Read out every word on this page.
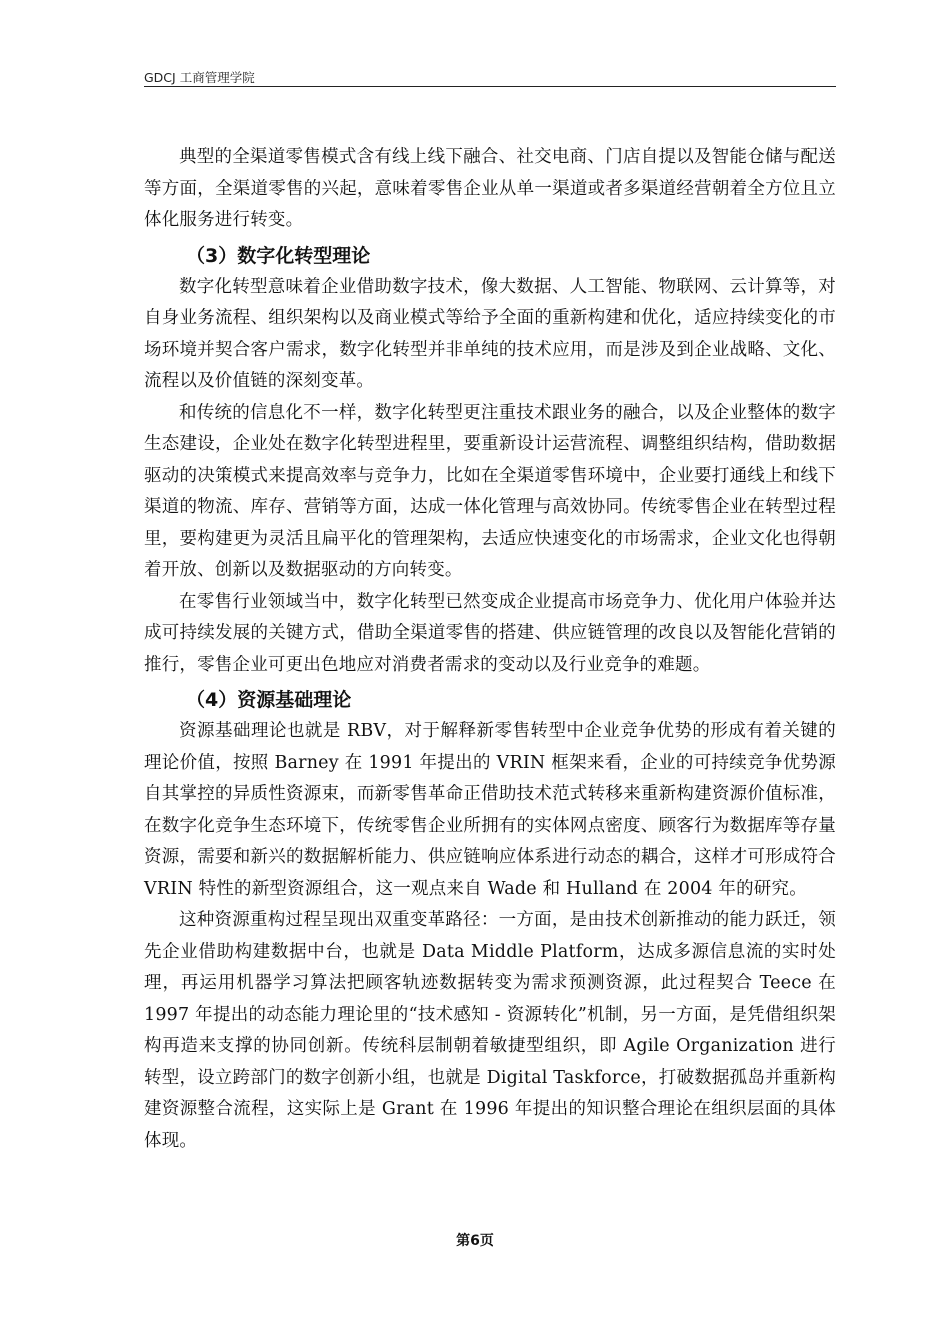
GDCJ 工商管理学院

典型的全渠道零售模式含有线上线下融合、社交电商、门店自提以及智能仓储与配送等方面，全渠道零售的兴起，意味着零售企业从单一渠道或者多渠道经营朝着全方位且立体化服务进行转变。

（3）数字化转型理论

数字化转型意味着企业借助数字技术，像大数据、人工智能、物联网、云计算等，对自身业务流程、组织架构以及商业模式等给予全面的重新构建和优化，适应持续变化的市场环境并契合客户需求，数字化转型并非单纯的技术应用，而是涉及到企业战略、文化、流程以及价值链的深刻变革。

和传统的信息化不一样，数字化转型更注重技术跟业务的融合，以及企业整体的数字生态建设，企业处在数字化转型进程里，要重新设计运营流程、调整组织结构，借助数据驱动的决策模式来提高效率与竞争力，比如在全渠道零售环境中，企业要打通线上和线下渠道的物流、库存、营销等方面，达成一体化管理与高效协同。传统零售企业在转型过程里，要构建更为灵活且扁平化的管理架构，去适应快速变化的市场需求，企业文化也得朝着开放、创新以及数据驱动的方向转变。

在零售行业领域当中，数字化转型已然变成企业提高市场竞争力、优化用户体验并达成可持续发展的关键方式，借助全渠道零售的搭建、供应链管理的改良以及智能化营销的推行，零售企业可更出色地应对消费者需求的变动以及行业竞争的难题。

（4）资源基础理论

资源基础理论也就是 RBV，对于解释新零售转型中企业竞争优势的形成有着关键的理论价值，按照 Barney 在 1991 年提出的 VRIN 框架来看，企业的可持续竞争优势源自其掌控的异质性资源束，而新零售革命正借助技术范式转移来重新构建资源价值标准，在数字化竞争生态环境下，传统零售企业所拥有的实体网点密度、顾客行为数据库等存量资源，需要和新兴的数据解析能力、供应链响应体系进行动态的耦合，这样才可形成符合 VRIN 特性的新型资源组合，这一观点来自 Wade 和 Hulland 在 2004 年的研究。

这种资源重构过程呈现出双重变革路径：一方面，是由技术创新推动的能力跃迁，领先企业借助构建数据中台，也就是 Data Middle Platform，达成多源信息流的实时处理，再运用机器学习算法把顾客轨迹数据转变为需求预测资源，此过程契合 Teece 在 1997 年提出的动态能力理论里的“技术感知 - 资源转化”机制，另一方面，是凭借组织架构再造来支撑的协同创新。传统科层制朝着敏捷型组织，即 Agile Organization 进行转型，设立跨部门的数字创新小组，也就是 Digital Taskforce，打破数据孤岛并重新构建资源整合流程，这实际上是 Grant 在 1996 年提出的知识整合理论在组织层面的具体体现。

第6页
